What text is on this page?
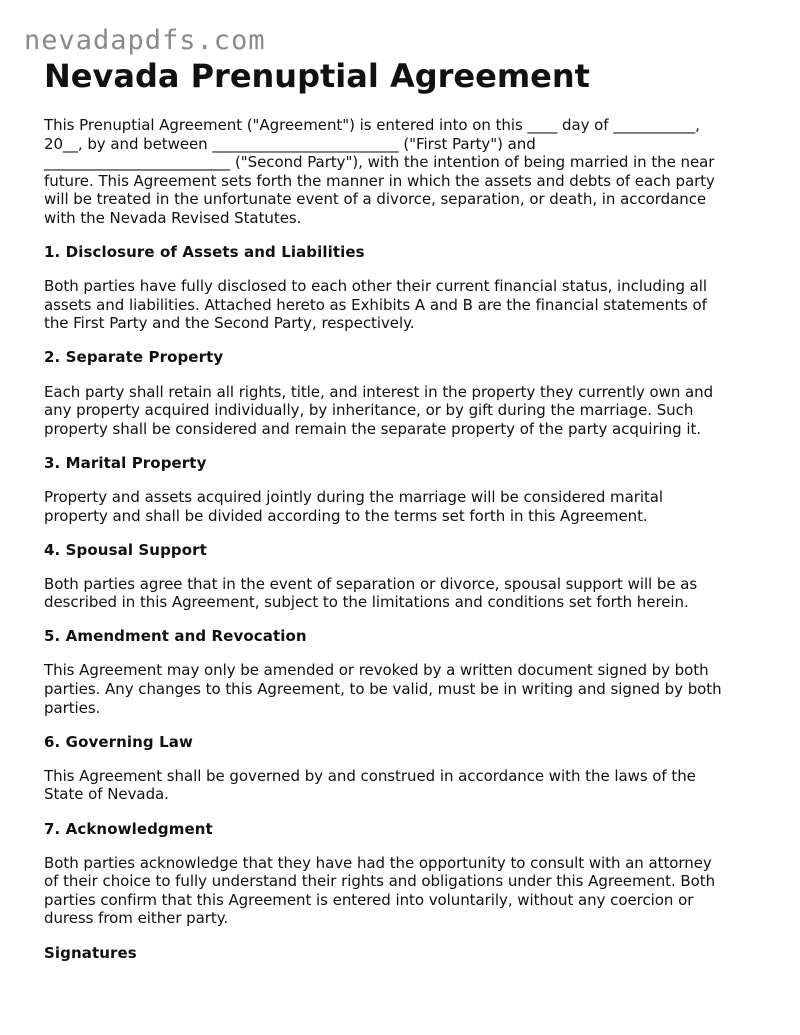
nevadapdfs.com
Nevada Prenuptial Agreement

This Prenuptial Agreement ("Agreement") is entered into on this ____ day of ___________,
20__, by and between _________________________ ("First Party") and
_________________________ ("Second Party"), with the intention of being married in the near
future. This Agreement sets forth the manner in which the assets and debts of each party
will be treated in the unfortunate event of a divorce, separation, or death, in accordance
with the Nevada Revised Statutes.

1. Disclosure of Assets and Liabilities

Both parties have fully disclosed to each other their current financial status, including all
assets and liabilities. Attached hereto as Exhibits A and B are the financial statements of
the First Party and the Second Party, respectively.

2. Separate Property

Each party shall retain all rights, title, and interest in the property they currently own and
any property acquired individually, by inheritance, or by gift during the marriage. Such
property shall be considered and remain the separate property of the party acquiring it.

3. Marital Property

Property and assets acquired jointly during the marriage will be considered marital
property and shall be divided according to the terms set forth in this Agreement.

4. Spousal Support

Both parties agree that in the event of separation or divorce, spousal support will be as
described in this Agreement, subject to the limitations and conditions set forth herein.

5. Amendment and Revocation

This Agreement may only be amended or revoked by a written document signed by both
parties. Any changes to this Agreement, to be valid, must be in writing and signed by both
parties.

6. Governing Law

This Agreement shall be governed by and construed in accordance with the laws of the
State of Nevada.

7. Acknowledgment

Both parties acknowledge that they have had the opportunity to consult with an attorney
of their choice to fully understand their rights and obligations under this Agreement. Both
parties confirm that this Agreement is entered into voluntarily, without any coercion or
duress from either party.

Signatures
